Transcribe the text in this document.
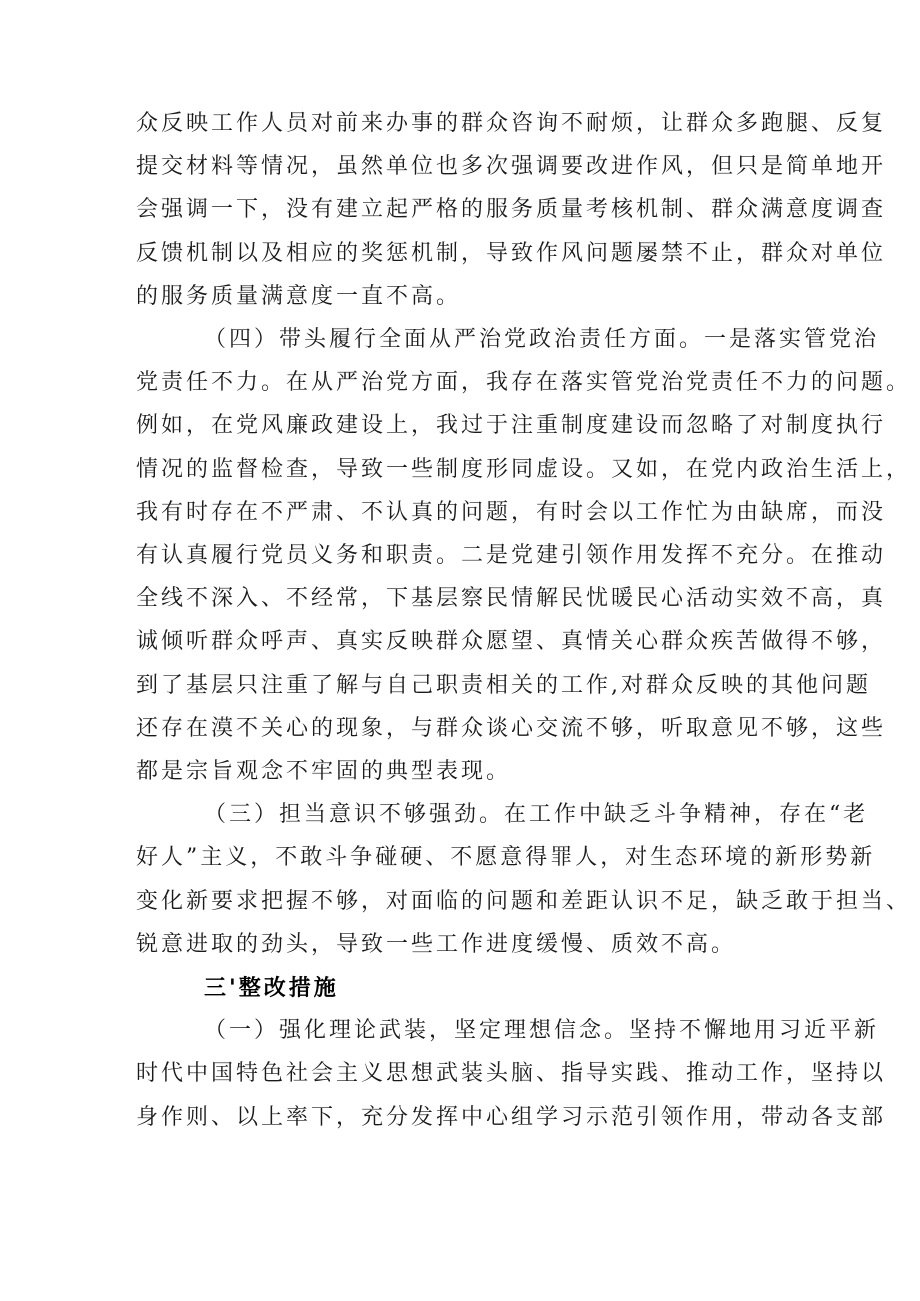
众反映工作人员对前来办事的群众咨询不耐烦，让群众多跑腿、反复
提交材料等情况，虽然单位也多次强调要改进作风，但只是简单地开
会强调一下，没有建立起严格的服务质量考核机制、群众满意度调查
反馈机制以及相应的奖惩机制，导致作风问题屡禁不止，群众对单位
的服务质量满意度一直不高。
（四）带头履行全面从严治党政治责任方面。一是落实管党治
党责任不力。在从严治党方面，我存在落实管党治党责任不力的问题。
例如，在党风廉政建设上，我过于注重制度建设而忽略了对制度执行
情况的监督检查，导致一些制度形同虚设。又如，在党内政治生活上，
我有时存在不严肃、不认真的问题，有时会以工作忙为由缺席，而没
有认真履行党员义务和职责。二是党建引领作用发挥不充分。在推动
全线不深入、不经常，下基层察民情解民忧暖民心活动实效不高，真
诚倾听群众呼声、真实反映群众愿望、真情关心群众疾苦做得不够，
到了基层只注重了解与自己职责相关的工作,对群众反映的其他问题
还存在漠不关心的现象，与群众谈心交流不够，听取意见不够，这些
都是宗旨观念不牢固的典型表现。
（三）担当意识不够强劲。在工作中缺乏斗争精神，存在“老
好人”主义，不敢斗争碰硬、不愿意得罪人，对生态环境的新形势新
变化新要求把握不够，对面临的问题和差距认识不足，缺乏敢于担当、
锐意进取的劲头，导致一些工作进度缓慢、质效不高。
三'整改措施
（一）强化理论武装，坚定理想信念。坚持不懈地用习近平新
时代中国特色社会主义思想武装头脑、指导实践、推动工作，坚持以
身作则、以上率下，充分发挥中心组学习示范引领作用，带动各支部
